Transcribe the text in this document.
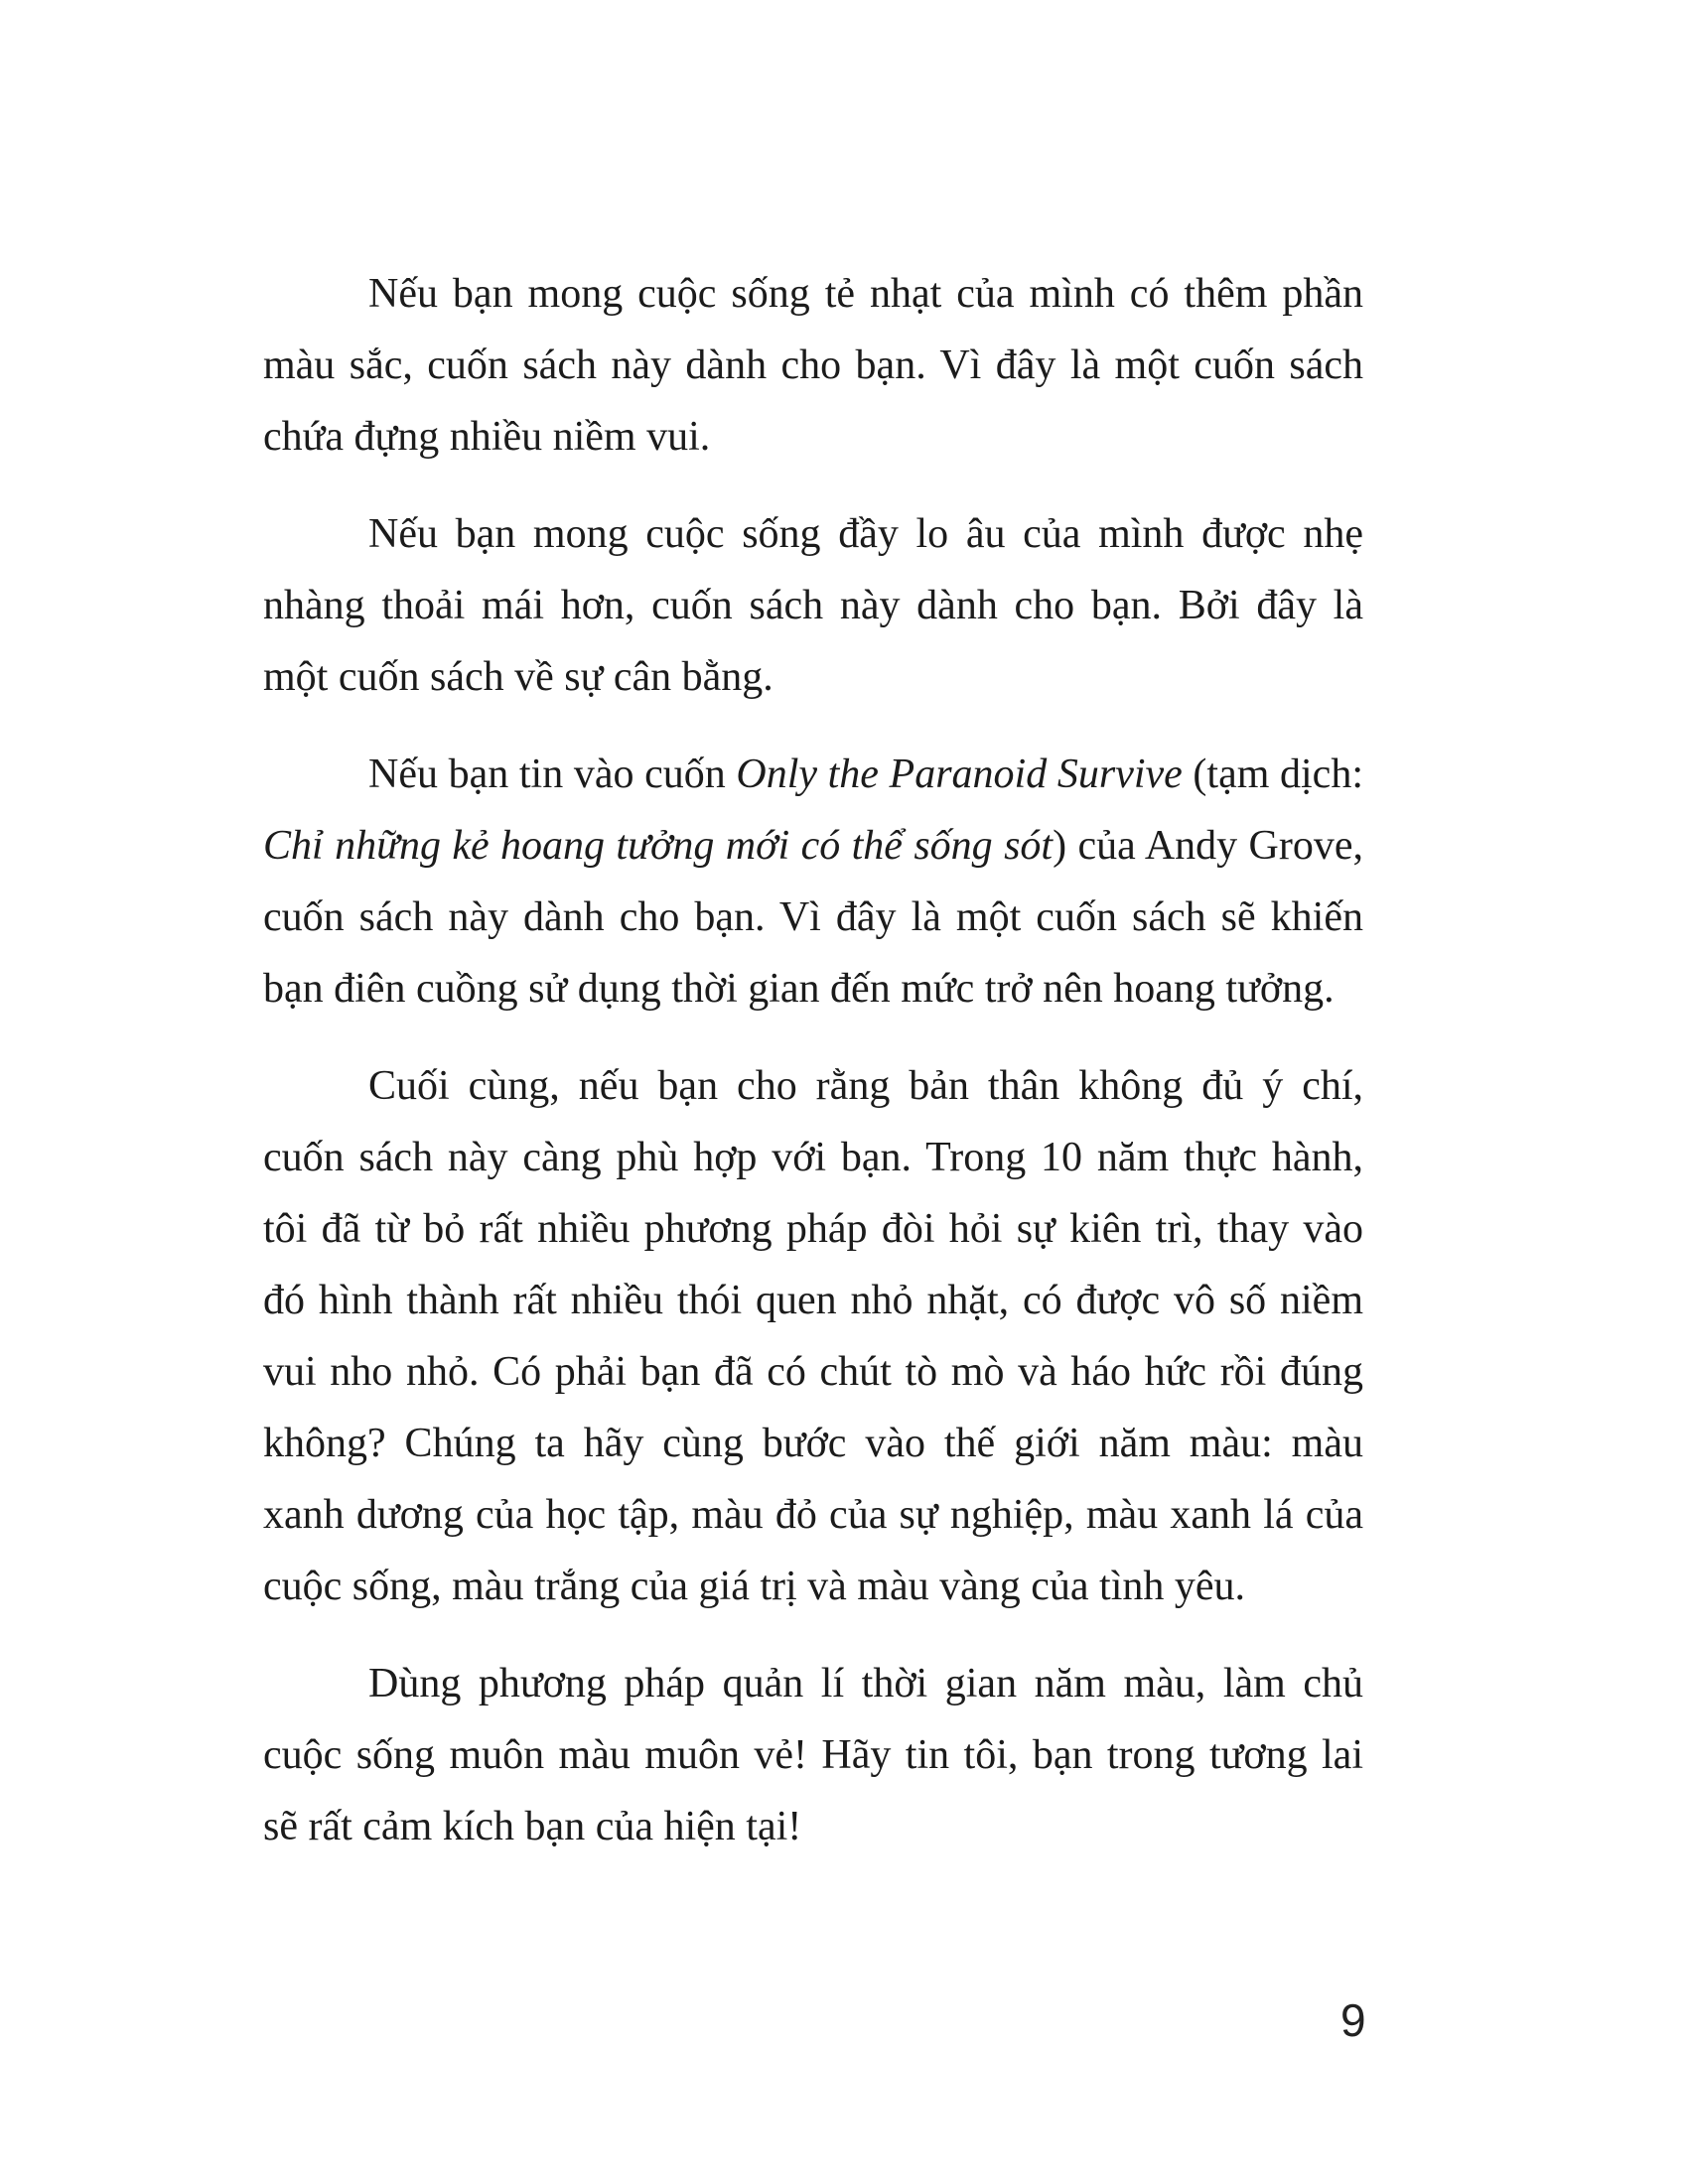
Nếu bạn mong cuộc sống tẻ nhạt của mình có thêm phần
màu sắc, cuốn sách này dành cho bạn. Vì đây là một cuốn sách
chứa đựng nhiều niềm vui.
Nếu bạn mong cuộc sống đầy lo âu của mình được nhẹ
nhàng thoải mái hơn, cuốn sách này dành cho bạn. Bởi đây là
một cuốn sách về sự cân bằng.
Nếu bạn tin vào cuốn Only the Paranoid Survive (tạm dịch:
Chỉ những kẻ hoang tưởng mới có thể sống sót) của Andy Grove,
cuốn sách này dành cho bạn. Vì đây là một cuốn sách sẽ khiến
bạn điên cuồng sử dụng thời gian đến mức trở nên hoang tưởng.
Cuối cùng, nếu bạn cho rằng bản thân không đủ ý chí,
cuốn sách này càng phù hợp với bạn. Trong 10 năm thực hành,
tôi đã từ bỏ rất nhiều phương pháp đòi hỏi sự kiên trì, thay vào
đó hình thành rất nhiều thói quen nhỏ nhặt, có được vô số niềm
vui nho nhỏ. Có phải bạn đã có chút tò mò và háo hức rồi đúng
không? Chúng ta hãy cùng bước vào thế giới năm màu: màu
xanh dương của học tập, màu đỏ của sự nghiệp, màu xanh lá của
cuộc sống, màu trắng của giá trị và màu vàng của tình yêu.
Dùng phương pháp quản lí thời gian năm màu, làm chủ
cuộc sống muôn màu muôn vẻ! Hãy tin tôi, bạn trong tương lai
sẽ rất cảm kích bạn của hiện tại!
9
